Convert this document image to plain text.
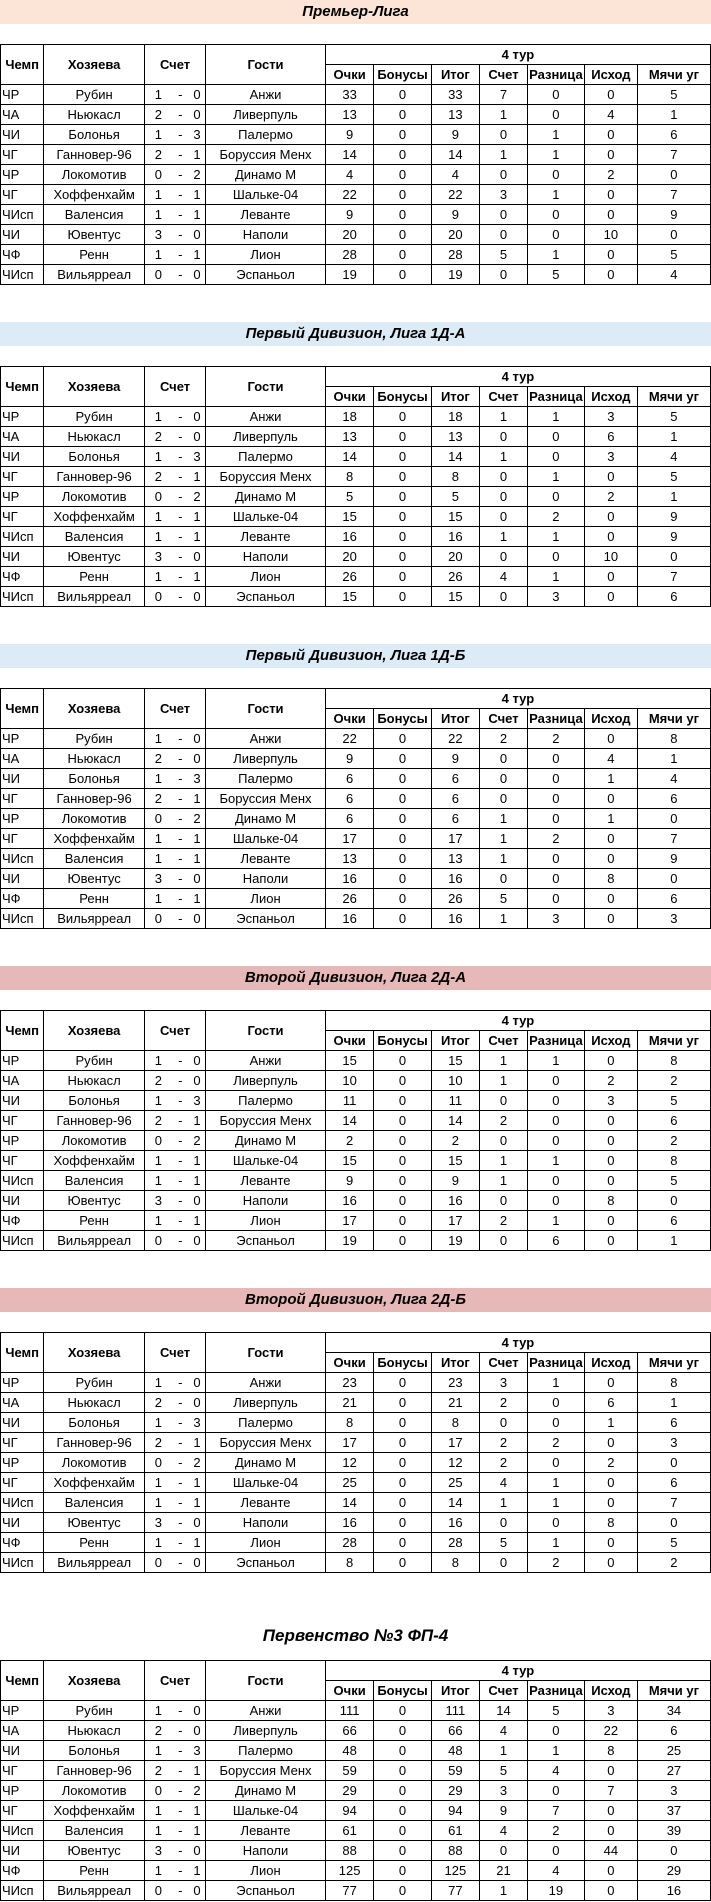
Премьер-Лига
Чемп	Хозяева	Счет			Гости	4 тур						
						Очки	Бонусы	Итог	Счет	Разница	Исход	Мячи уг
ЧР	Рубин	1	-	0	Анжи	33	0	33	7	0	0	5
ЧА	Ньюкасл	2	-	0	Ливерпуль	13	0	13	1	0	4	1
ЧИ	Болонья	1	-	3	Палермо	9	0	9	0	1	0	6
ЧГ	Ганновер-96	2	-	1	Боруссия Менх	14	0	14	1	1	0	7
ЧР	Локомотив	0	-	2	Динамо М	4	0	4	0	0	2	0
ЧГ	Хоффенхайм	1	-	1	Шальке-04	22	0	22	3	1	0	7
ЧИсп	Валенсия	1	-	1	Леванте	9	0	9	0	0	0	9
ЧИ	Ювентус	3	-	0	Наполи	20	0	20	0	0	10	0
ЧФ	Ренн	1	-	1	Лион	28	0	28	5	1	0	5
ЧИсп	Вильярреал	0	-	0	Эспаньол	19	0	19	0	5	0	4
Первый Дивизион, Лига 1Д-А
Чемп	Хозяева	Счет			Гости	4 тур						
						Очки	Бонусы	Итог	Счет	Разница	Исход	Мячи уг
ЧР	Рубин	1	-	0	Анжи	18	0	18	1	1	3	5
ЧА	Ньюкасл	2	-	0	Ливерпуль	13	0	13	0	0	6	1
ЧИ	Болонья	1	-	3	Палермо	14	0	14	1	0	3	4
ЧГ	Ганновер-96	2	-	1	Боруссия Менх	8	0	8	0	1	0	5
ЧР	Локомотив	0	-	2	Динамо М	5	0	5	0	0	2	1
ЧГ	Хоффенхайм	1	-	1	Шальке-04	15	0	15	0	2	0	9
ЧИсп	Валенсия	1	-	1	Леванте	16	0	16	1	1	0	9
ЧИ	Ювентус	3	-	0	Наполи	20	0	20	0	0	10	0
ЧФ	Ренн	1	-	1	Лион	26	0	26	4	1	0	7
ЧИсп	Вильярреал	0	-	0	Эспаньол	15	0	15	0	3	0	6
Первый Дивизион, Лига 1Д-Б
Чемп	Хозяева	Счет			Гости	4 тур						
						Очки	Бонусы	Итог	Счет	Разница	Исход	Мячи уг
ЧР	Рубин	1	-	0	Анжи	22	0	22	2	2	0	8
ЧА	Ньюкасл	2	-	0	Ливерпуль	9	0	9	0	0	4	1
ЧИ	Болонья	1	-	3	Палермо	6	0	6	0	0	1	4
ЧГ	Ганновер-96	2	-	1	Боруссия Менх	6	0	6	0	0	0	6
ЧР	Локомотив	0	-	2	Динамо М	6	0	6	1	0	1	0
ЧГ	Хоффенхайм	1	-	1	Шальке-04	17	0	17	1	2	0	7
ЧИсп	Валенсия	1	-	1	Леванте	13	0	13	1	0	0	9
ЧИ	Ювентус	3	-	0	Наполи	16	0	16	0	0	8	0
ЧФ	Ренн	1	-	1	Лион	26	0	26	5	0	0	6
ЧИсп	Вильярреал	0	-	0	Эспаньол	16	0	16	1	3	0	3
Второй Дивизион, Лига 2Д-А
Чемп	Хозяева	Счет			Гости	4 тур						
						Очки	Бонусы	Итог	Счет	Разница	Исход	Мячи уг
ЧР	Рубин	1	-	0	Анжи	15	0	15	1	1	0	8
ЧА	Ньюкасл	2	-	0	Ливерпуль	10	0	10	1	0	2	2
ЧИ	Болонья	1	-	3	Палермо	11	0	11	0	0	3	5
ЧГ	Ганновер-96	2	-	1	Боруссия Менх	14	0	14	2	0	0	6
ЧР	Локомотив	0	-	2	Динамо М	2	0	2	0	0	0	2
ЧГ	Хоффенхайм	1	-	1	Шальке-04	15	0	15	1	1	0	8
ЧИсп	Валенсия	1	-	1	Леванте	9	0	9	1	0	0	5
ЧИ	Ювентус	3	-	0	Наполи	16	0	16	0	0	8	0
ЧФ	Ренн	1	-	1	Лион	17	0	17	2	1	0	6
ЧИсп	Вильярреал	0	-	0	Эспаньол	19	0	19	0	6	0	1
Второй Дивизион, Лига 2Д-Б
Чемп	Хозяева	Счет			Гости	4 тур						
						Очки	Бонусы	Итог	Счет	Разница	Исход	Мячи уг
ЧР	Рубин	1	-	0	Анжи	23	0	23	3	1	0	8
ЧА	Ньюкасл	2	-	0	Ливерпуль	21	0	21	2	0	6	1
ЧИ	Болонья	1	-	3	Палермо	8	0	8	0	0	1	6
ЧГ	Ганновер-96	2	-	1	Боруссия Менх	17	0	17	2	2	0	3
ЧР	Локомотив	0	-	2	Динамо М	12	0	12	2	0	2	0
ЧГ	Хоффенхайм	1	-	1	Шальке-04	25	0	25	4	1	0	6
ЧИсп	Валенсия	1	-	1	Леванте	14	0	14	1	1	0	7
ЧИ	Ювентус	3	-	0	Наполи	16	0	16	0	0	8	0
ЧФ	Ренн	1	-	1	Лион	28	0	28	5	1	0	5
ЧИсп	Вильярреал	0	-	0	Эспаньол	8	0	8	0	2	0	2
Первенство №3 ФП-4
Чемп	Хозяева	Счет			Гости	4 тур						
						Очки	Бонусы	Итог	Счет	Разница	Исход	Мячи уг
ЧР	Рубин	1	-	0	Анжи	111	0	111	14	5	3	34
ЧА	Ньюкасл	2	-	0	Ливерпуль	66	0	66	4	0	22	6
ЧИ	Болонья	1	-	3	Палермо	48	0	48	1	1	8	25
ЧГ	Ганновер-96	2	-	1	Боруссия Менх	59	0	59	5	4	0	27
ЧР	Локомотив	0	-	2	Динамо М	29	0	29	3	0	7	3
ЧГ	Хоффенхайм	1	-	1	Шальке-04	94	0	94	9	7	0	37
ЧИсп	Валенсия	1	-	1	Леванте	61	0	61	4	2	0	39
ЧИ	Ювентус	3	-	0	Наполи	88	0	88	0	0	44	0
ЧФ	Ренн	1	-	1	Лион	125	0	125	21	4	0	29
ЧИсп	Вильярреал	0	-	0	Эспаньол	77	0	77	1	19	0	16
